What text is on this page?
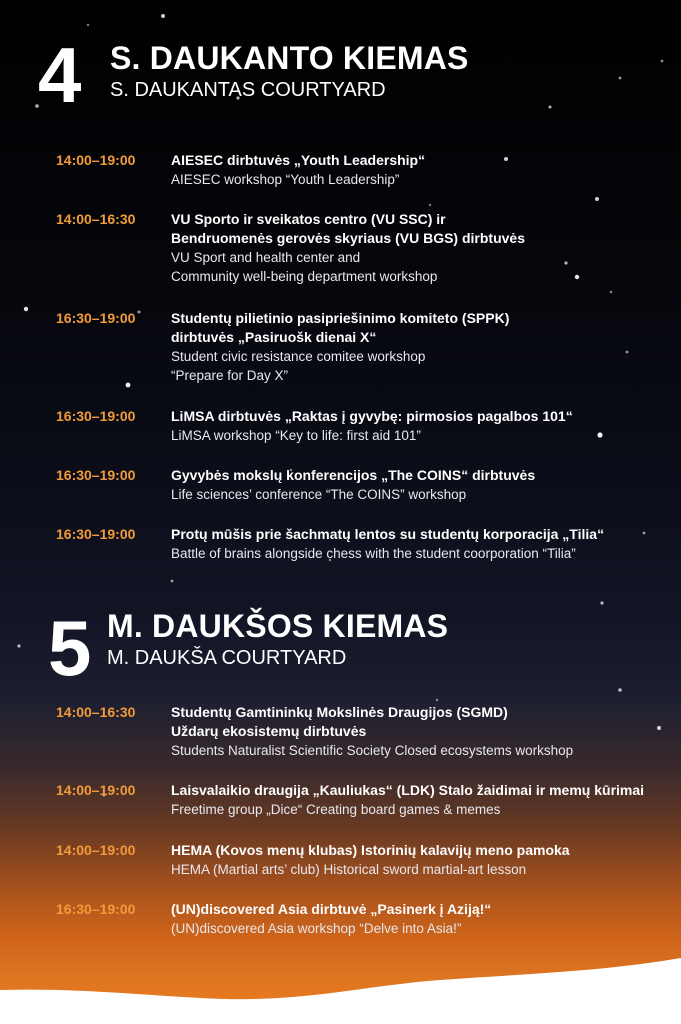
4 S. DAUKANTO KIEMAS
S. DAUKANTAS COURTYARD
14:00–19:00	AIESEC dirbtuvės „Youth Leadership“
AIESEC workshop “Youth Leadership”
14:00–16:30	VU Sporto ir sveikatos centro (VU SSC) ir
Bendruomenės gerovės skyriaus (VU BGS) dirbtuvės
VU Sport and health center and
Community well-being department workshop
16:30–19:00	Studentų pilietinio pasipriešinimo komiteto (SPPK)
dirbtuvės „Pasiruošk dienai X“
Student civic resistance comitee workshop
“Prepare for Day X”
16:30–19:00	LiMSA dirbtuvės „Raktas į gyvybę: pirmosios pagalbos 101“
LiMSA workshop “Key to life: first aid 101”
16:30–19:00	Gyvybės mokslų konferencijos „The COINS“ dirbtuvės
Life sciences’ conference “The COINS” workshop
16:30–19:00	Protų mūšis prie šachmatų lentos su studentų korporacija „Tilia“
Battle of brains alongside chess with the student coorporation “Tilia”
5 M. DAUKŠOS KIEMAS
M. DAUKŠA COURTYARD
14:00–16:30	Studentų Gamtininkų Mokslinės Draugijos (SGMD)
Uždarų ekosistemų dirbtuvės
Students Naturalist Scientific Society Closed ecosystems workshop
14:00–19:00	Laisvalaikio draugija „Kauliukas“ (LDK) Stalo žaidimai ir memų kūrimai
Freetime group „Dice“ Creating board games & memes
14:00–19:00	HEMA (Kovos menų klubas) Istorinių kalavijų meno pamoka
HEMA (Martial arts’ club) Historical sword martial-art lesson
16:30–19:00	(UN)discovered Asia dirbtuvė „Pasinerk į Aziją!“
(UN)discovered Asia workshop “Delve into Asia!”
